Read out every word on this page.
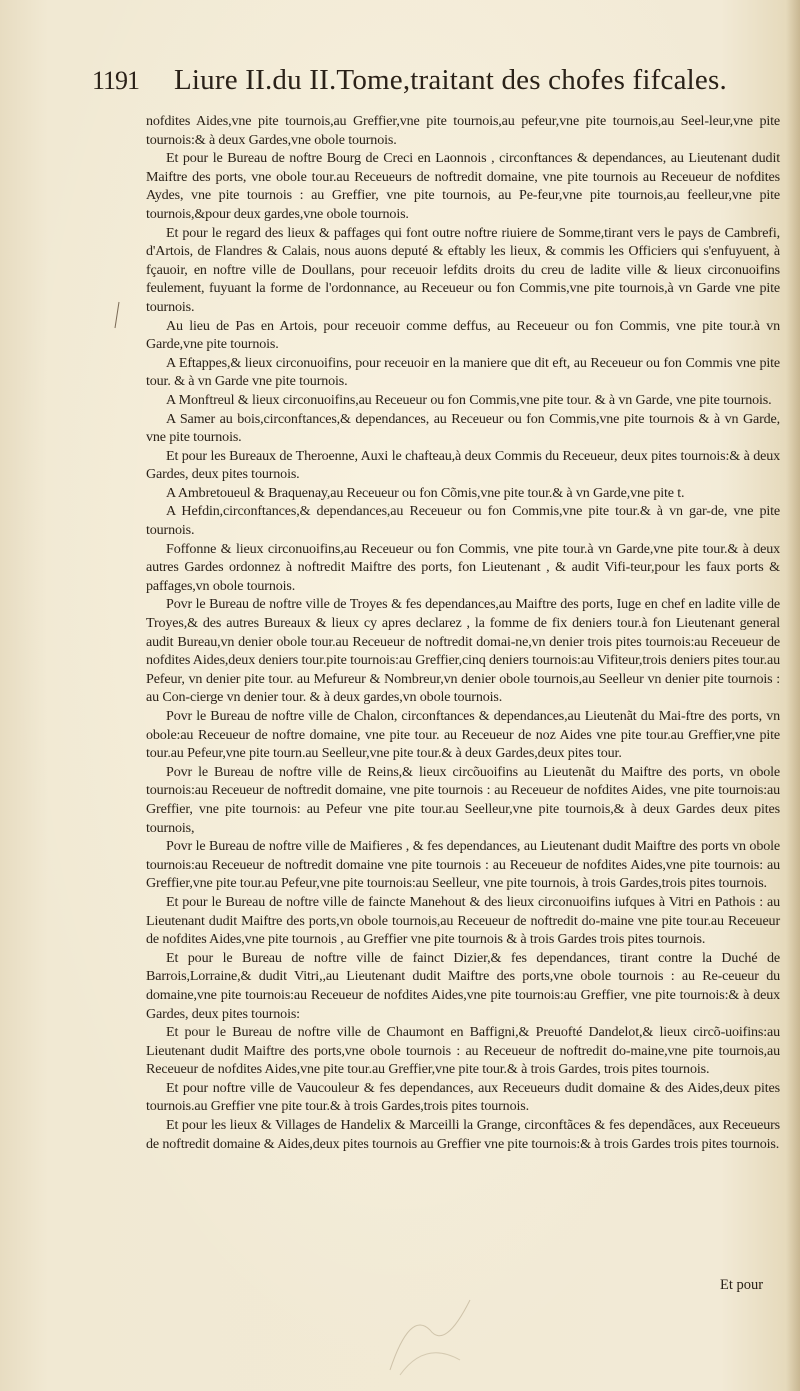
1191	Liure II.du II.Tome,traitant des chofes fifcales.

nofdites Aides,vne pite tournois,au Greffier,vne pite tournois,au pefeur,vne pite tournois,au Seel-leur,vne pite tournois:& à deux Gardes,vne obole tournois.

Et pour le Bureau de noftre Bourg de Creci en Laonnois , circonftances & dependances, au Lieutenant dudit Maiftre des ports, vne obole tour.au Receueurs de noftredit domaine, vne pite tournois au Receueur de nofdites Aydes, vne pite tournois : au Greffier, vne pite tournois, au Pe-feur,vne pite tournois,au feelleur,vne pite tournois,&pour deux gardes,vne obole tournois.

Et pour le regard des lieux & paffages qui font outre noftre riuiere de Somme,tirant vers le pays de Cambrefi, d'Artois, de Flandres & Calais, nous auons deputé & eftably les lieux, & commis les Officiers qui s'enfuyuent, à fçauoir, en noftre ville de Doullans, pour receuoir lefdits droits du creu de ladite ville & lieux circonuoifins feulement, fuyuant la forme de l'ordonnance, au Receueur ou fon Commis,vne pite tournois,à vn Garde vne pite tournois.

Au lieu de Pas en Artois, pour receuoir comme deffus, au Receueur ou fon Commis, vne pite tour.à vn Garde,vne pite tournois.

A Eftappes,& lieux circonuoifins, pour receuoir en la maniere que dit eft, au Receueur ou fon Commis vne pite tour. & à vn Garde vne pite tournois.

A Monftreul & lieux circonuoifins,au Receueur ou fon Commis,vne pite tour. & à vn Garde, vne pite tournois.

A Samer au bois,circonftances,& dependances, au Receueur ou fon Commis,vne pite tournois & à vn Garde, vne pite tournois.

Et pour les Bureaux de Theroenne, Auxi le chafteau,à deux Commis du Receueur, deux pites tournois:& à deux Gardes, deux pites tournois.

A Ambretoueul & Braquenay,au Receueur ou fon Cõmis,vne pite tour.& à vn Garde,vne pite t.

A Hefdin,circonftances,& dependances,au Receueur ou fon Commis,vne pite tour.& à vn gar-de, vne pite tournois.

Foffonne & lieux circonuoifins,au Receueur ou fon Commis, vne pite tour.à vn Garde,vne pite tour.& à deux autres Gardes ordonnez à noftredit Maiftre des ports, fon Lieutenant , & audit Vifi-teur,pour les faux ports & paffages,vn obole tournois.

Povr le Bureau de noftre ville de Troyes & fes dependances,au Maiftre des ports, Iuge en chef en ladite ville de Troyes,& des autres Bureaux & lieux cy apres declarez , la fomme de fix deniers tour.à fon Lieutenant general audit Bureau,vn denier obole tour.au Receueur de noftredit domai-ne,vn denier trois pites tournois:au Receueur de nofdites Aides,deux deniers tour.pite tournois:au Greffier,cinq deniers tournois:au Vifiteur,trois deniers pites tour.au Pefeur, vn denier pite tour. au Mefureur & Nombreur,vn denier obole tournois,au Seelleur vn denier pite tournois : au Con-cierge vn denier tour. & à deux gardes,vn obole tournois.

Povr le Bureau de noftre ville de Chalon, circonftances & dependances,au Lieutenãt du Mai-ftre des ports, vn obole:au Receueur de noftre domaine, vne pite tour. au Receueur de noz Aides vne pite tour.au Greffier,vne pite tour.au Pefeur,vne pite tourn.au Seelleur,vne pite tour.& à deux Gardes,deux pites tour.

Povr le Bureau de noftre ville de Reins,& lieux circõuoifins au Lieutenãt du Maiftre des ports, vn obole tournois:au Receueur de noftredit domaine, vne pite tournois : au Receueur de nofdites Aides, vne pite tournois:au Greffier, vne pite tournois: au Pefeur vne pite tour.au Seelleur,vne pite tournois,& à deux Gardes deux pites tournois,

Povr le Bureau de noftre ville de Maifieres , & fes dependances, au Lieutenant dudit Maiftre des ports vn obole tournois:au Receueur de noftredit domaine vne pite tournois : au Receueur de nofdites Aides,vne pite tournois: au Greffier,vne pite tour.au Pefeur,vne pite tournois:au Seelleur, vne pite tournois, à trois Gardes,trois pites tournois.

Et pour le Bureau de noftre ville de faincte Manehout & des lieux circonuoifins iufques à Vitri en Pathois : au Lieutenant dudit Maiftre des ports,vn obole tournois,au Receueur de noftredit do-maine vne pite tour.au Receueur de nofdites Aides,vne pite tournois , au Greffier vne pite tournois & à trois Gardes trois pites tournois.

Et pour le Bureau de noftre ville de fainct Dizier,& fes dependances, tirant contre la Duché de Barrois,Lorraine,& dudit Vitri,,au Lieutenant dudit Maiftre des ports,vne obole tournois : au Re-ceueur du domaine,vne pite tournois:au Receueur de nofdites Aides,vne pite tournois:au Greffier, vne pite tournois:& à deux Gardes, deux pites tournois:

Et pour le Bureau de noftre ville de Chaumont en Baffigni,& Preuofté Dandelot,& lieux circõ-uoifins:au Lieutenant dudit Maiftre des ports,vne obole tournois : au Receueur de noftredit do-maine,vne pite tournois,au Receueur de nofdites Aides,vne pite tour.au Greffier,vne pite tour.& à trois Gardes, trois pites tournois.

Et pour noftre ville de Vaucouleur & fes dependances, aux Receueurs dudit domaine & des Aides,deux pites tournois.au Greffier vne pite tour.& à trois Gardes,trois pites tournois.

Et pour les lieux & Villages de Handelix & Marceilli la Grange, circonftãces & fes dependãces, aux Receueurs de noftredit domaine & Aides,deux pites tournois au Greffier vne pite tournois:& à trois Gardes trois pites tournois.

Et pour
